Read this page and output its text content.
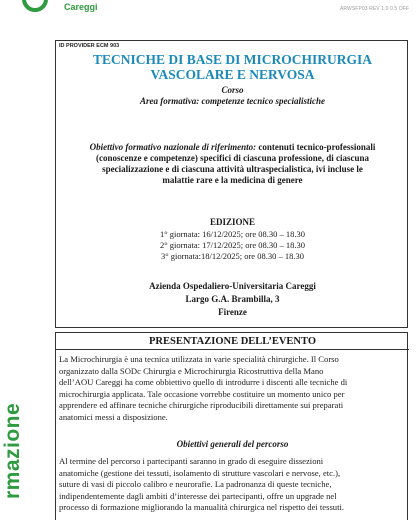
Careggi	ARWSFP03 REV 1.0 0.5 OFF
rmazione
ID PROVIDER ECM 903
TECNICHE DI BASE DI MICROCHIRURGIA
VASCOLARE E NERVOSA
Corso
Area formativa: competenze tecnico specialistiche
Obiettivo formativo nazionale di riferimento: contenuti tecnico-professionali
(conoscenze e competenze) specifici di ciascuna professione, di ciascuna
specializzazione e di ciascuna attività ultraspecialistica, ivi incluse le
malattie rare e la medicina di genere
EDIZIONE
1° giornata: 16/12/2025; ore 08.30 – 18.30
2° giornata: 17/12/2025; ore 08.30 – 18.30
3° giornata:18/12/2025; ore 08.30 – 18.30
Azienda Ospedaliero-Universitaria Careggi
Largo G.A. Brambilla, 3
Firenze
PRESENTAZIONE DELL’EVENTO
La Microchirurgia è una tecnica utilizzata in varie specialità chirurgiche. Il Corso
organizzato dalla SODc Chirurgia e Microchirurgia Ricostruttiva della Mano
dell’AOU Careggi ha come obbiettivo quello di introdurre i discenti alle tecniche di
microchirurgia applicata. Tale occasione vorrebbe costituire un momento unico per
apprendere ed affinare tecniche chirurgiche riproducibili direttamente sui preparati
anatomici messi a disposizione.
Obiettivi generali del percorso
Al termine del percorso i partecipanti saranno in grado di eseguire dissezioni
anatomiche (gestione dei tessuti, isolamento di strutture vascolari e nervose, etc.),
suture di vasi di piccolo calibro e neurorafie. La padronanza di queste tecniche,
indipendentemente dagli ambiti d’interesse dei partecipanti, offre un upgrade nel
processo di formazione migliorando la manualità chirurgica nel rispetto dei tessuti.
